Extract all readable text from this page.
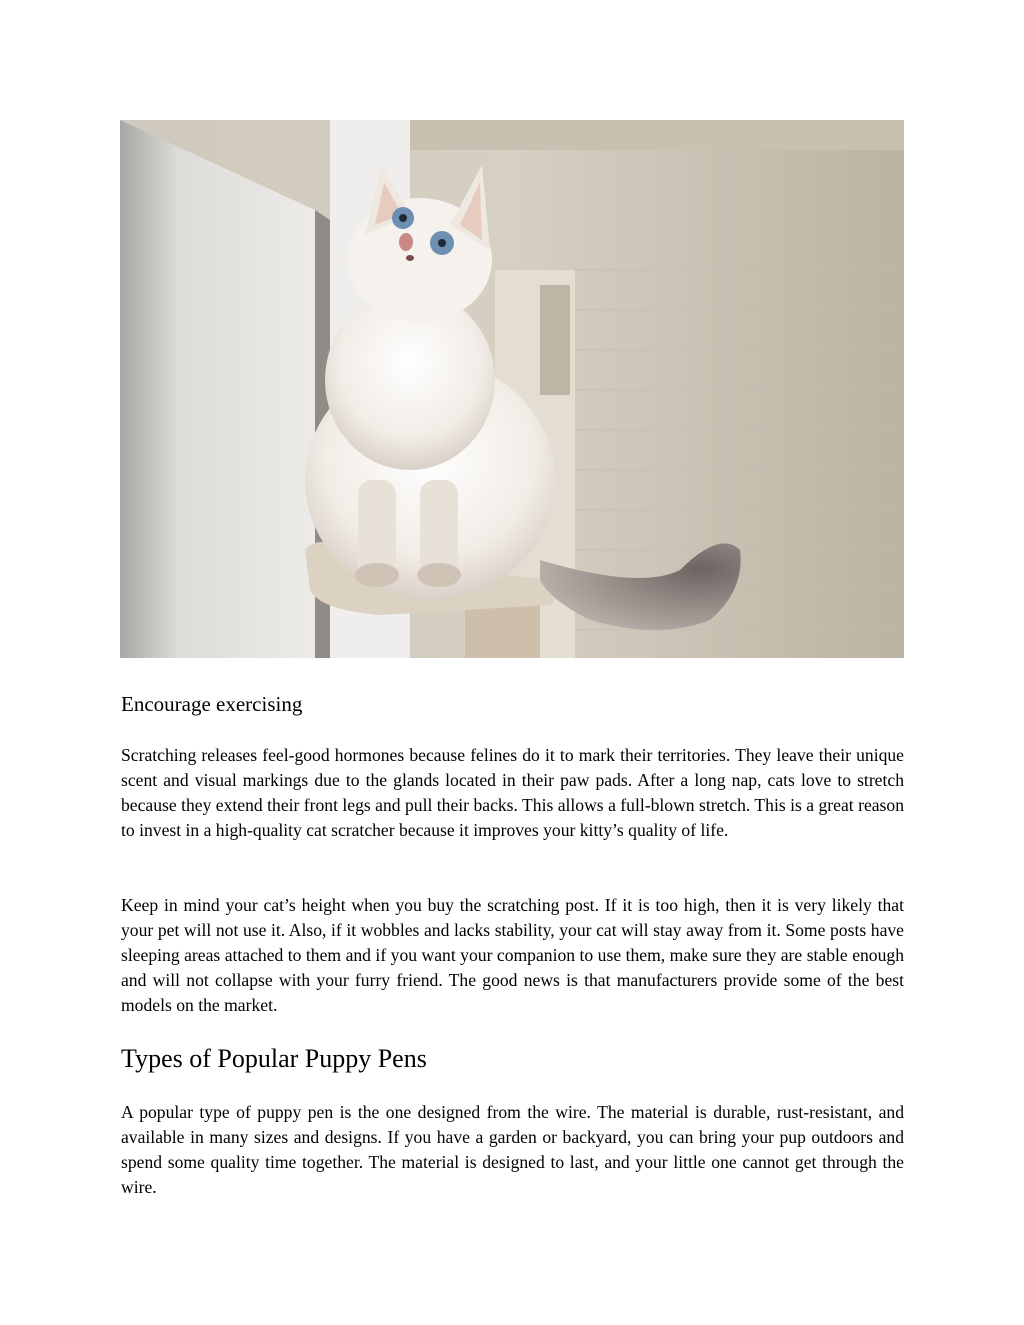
Encourage exercising

Scratching releases feel-good hormones because felines do it to mark their territories. They leave their unique scent and visual markings due to the glands located in their paw pads. After a long nap, cats love to stretch because they extend their front legs and pull their backs. This allows a full-blown stretch. This is a great reason to invest in a high-quality cat scratcher because it improves your kitty’s quality of life.

Keep in mind your cat’s height when you buy the scratching post. If it is too high, then it is very likely that your pet will not use it. Also, if it wobbles and lacks stability, your cat will stay away from it. Some posts have sleeping areas attached to them and if you want your companion to use them, make sure they are stable enough and will not collapse with your furry friend. The good news is that manufacturers provide some of the best models on the market.

Types of Popular Puppy Pens

A popular type of puppy pen is the one designed from the wire. The material is durable, rust-resistant, and available in many sizes and designs. If you have a garden or backyard, you can bring your pup outdoors and spend some quality time together. The material is designed to last, and your little one cannot get through the wire.
